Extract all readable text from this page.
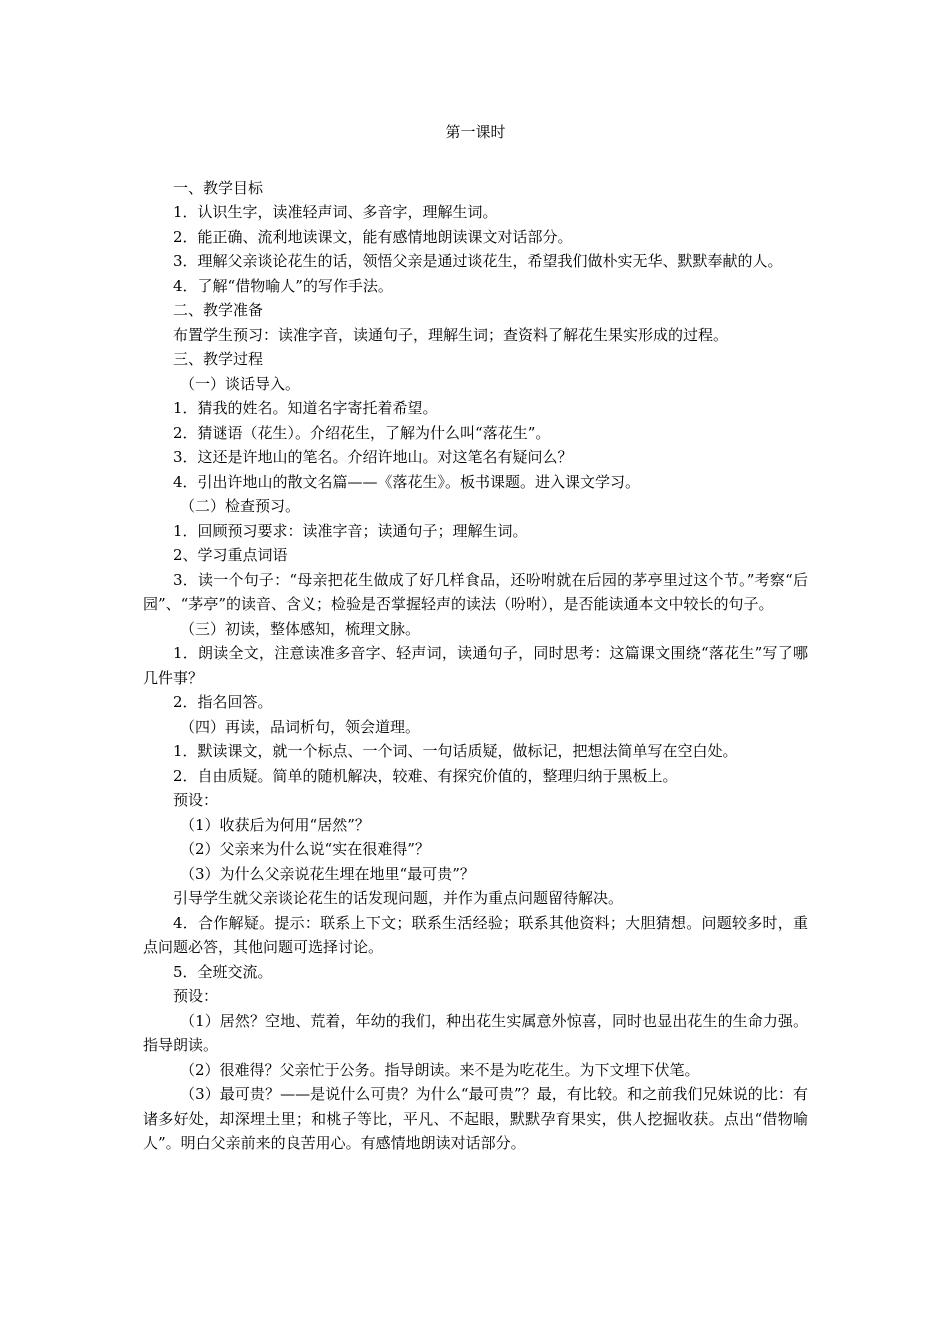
第一课时

一、教学目标

1．认识生字，读准轻声词、多音字，理解生词。

2．能正确、流利地读课文，能有感情地朗读课文对话部分。

3．理解父亲谈论花生的话，领悟父亲是通过谈花生，希望我们做朴实无华、默默奉献的人。

4．了解“借物喻人”的写作手法。

二、教学准备

布置学生预习：读准字音，读通句子，理解生词；查资料了解花生果实形成的过程。

三、教学过程

（一）谈话导入。

1．猜我的姓名。知道名字寄托着希望。

2．猜谜语（花生）。介绍花生，了解为什么叫“落花生”。

3．这还是许地山的笔名。介绍许地山。对这笔名有疑问么？

4．引出许地山的散文名篇——《落花生》。板书课题。进入课文学习。

（二）检查预习。

1．回顾预习要求：读准字音；读通句子；理解生词。

2、学习重点词语

3．读一个句子：“母亲把花生做成了好几样食品，还吩咐就在后园的茅亭里过这个节。”考察“后园”、“茅亭”的读音、含义；检验是否掌握轻声的读法（吩咐），是否能读通本文中较长的句子。

（三）初读，整体感知，梳理文脉。

1．朗读全文，注意读准多音字、轻声词，读通句子，同时思考：这篇课文围绕“落花生”写了哪几件事？

2．指名回答。

（四）再读，品词析句，领会道理。

1．默读课文，就一个标点、一个词、一句话质疑，做标记，把想法简单写在空白处。

2．自由质疑。简单的随机解决，较难、有探究价值的，整理归纳于黑板上。

预设：

（1）收获后为何用“居然”？

（2）父亲来为什么说“实在很难得”？

（3）为什么父亲说花生埋在地里“最可贵”？

引导学生就父亲谈论花生的话发现问题，并作为重点问题留待解决。

4．合作解疑。提示：联系上下文；联系生活经验；联系其他资料；大胆猜想。问题较多时，重点问题必答，其他问题可选择讨论。

5．全班交流。

预设：

（1）居然？空地、荒着，年幼的我们，种出花生实属意外惊喜，同时也显出花生的生命力强。指导朗读。

（2）很难得？父亲忙于公务。指导朗读。来不是为吃花生。为下文埋下伏笔。

（3）最可贵？——是说什么可贵？为什么“最可贵”？最，有比较。和之前我们兄妹说的比：有诸多好处，却深埋土里；和桃子等比，平凡、不起眼，默默孕育果实，供人挖掘收获。点出“借物喻人”。明白父亲前来的良苦用心。有感情地朗读对话部分。
